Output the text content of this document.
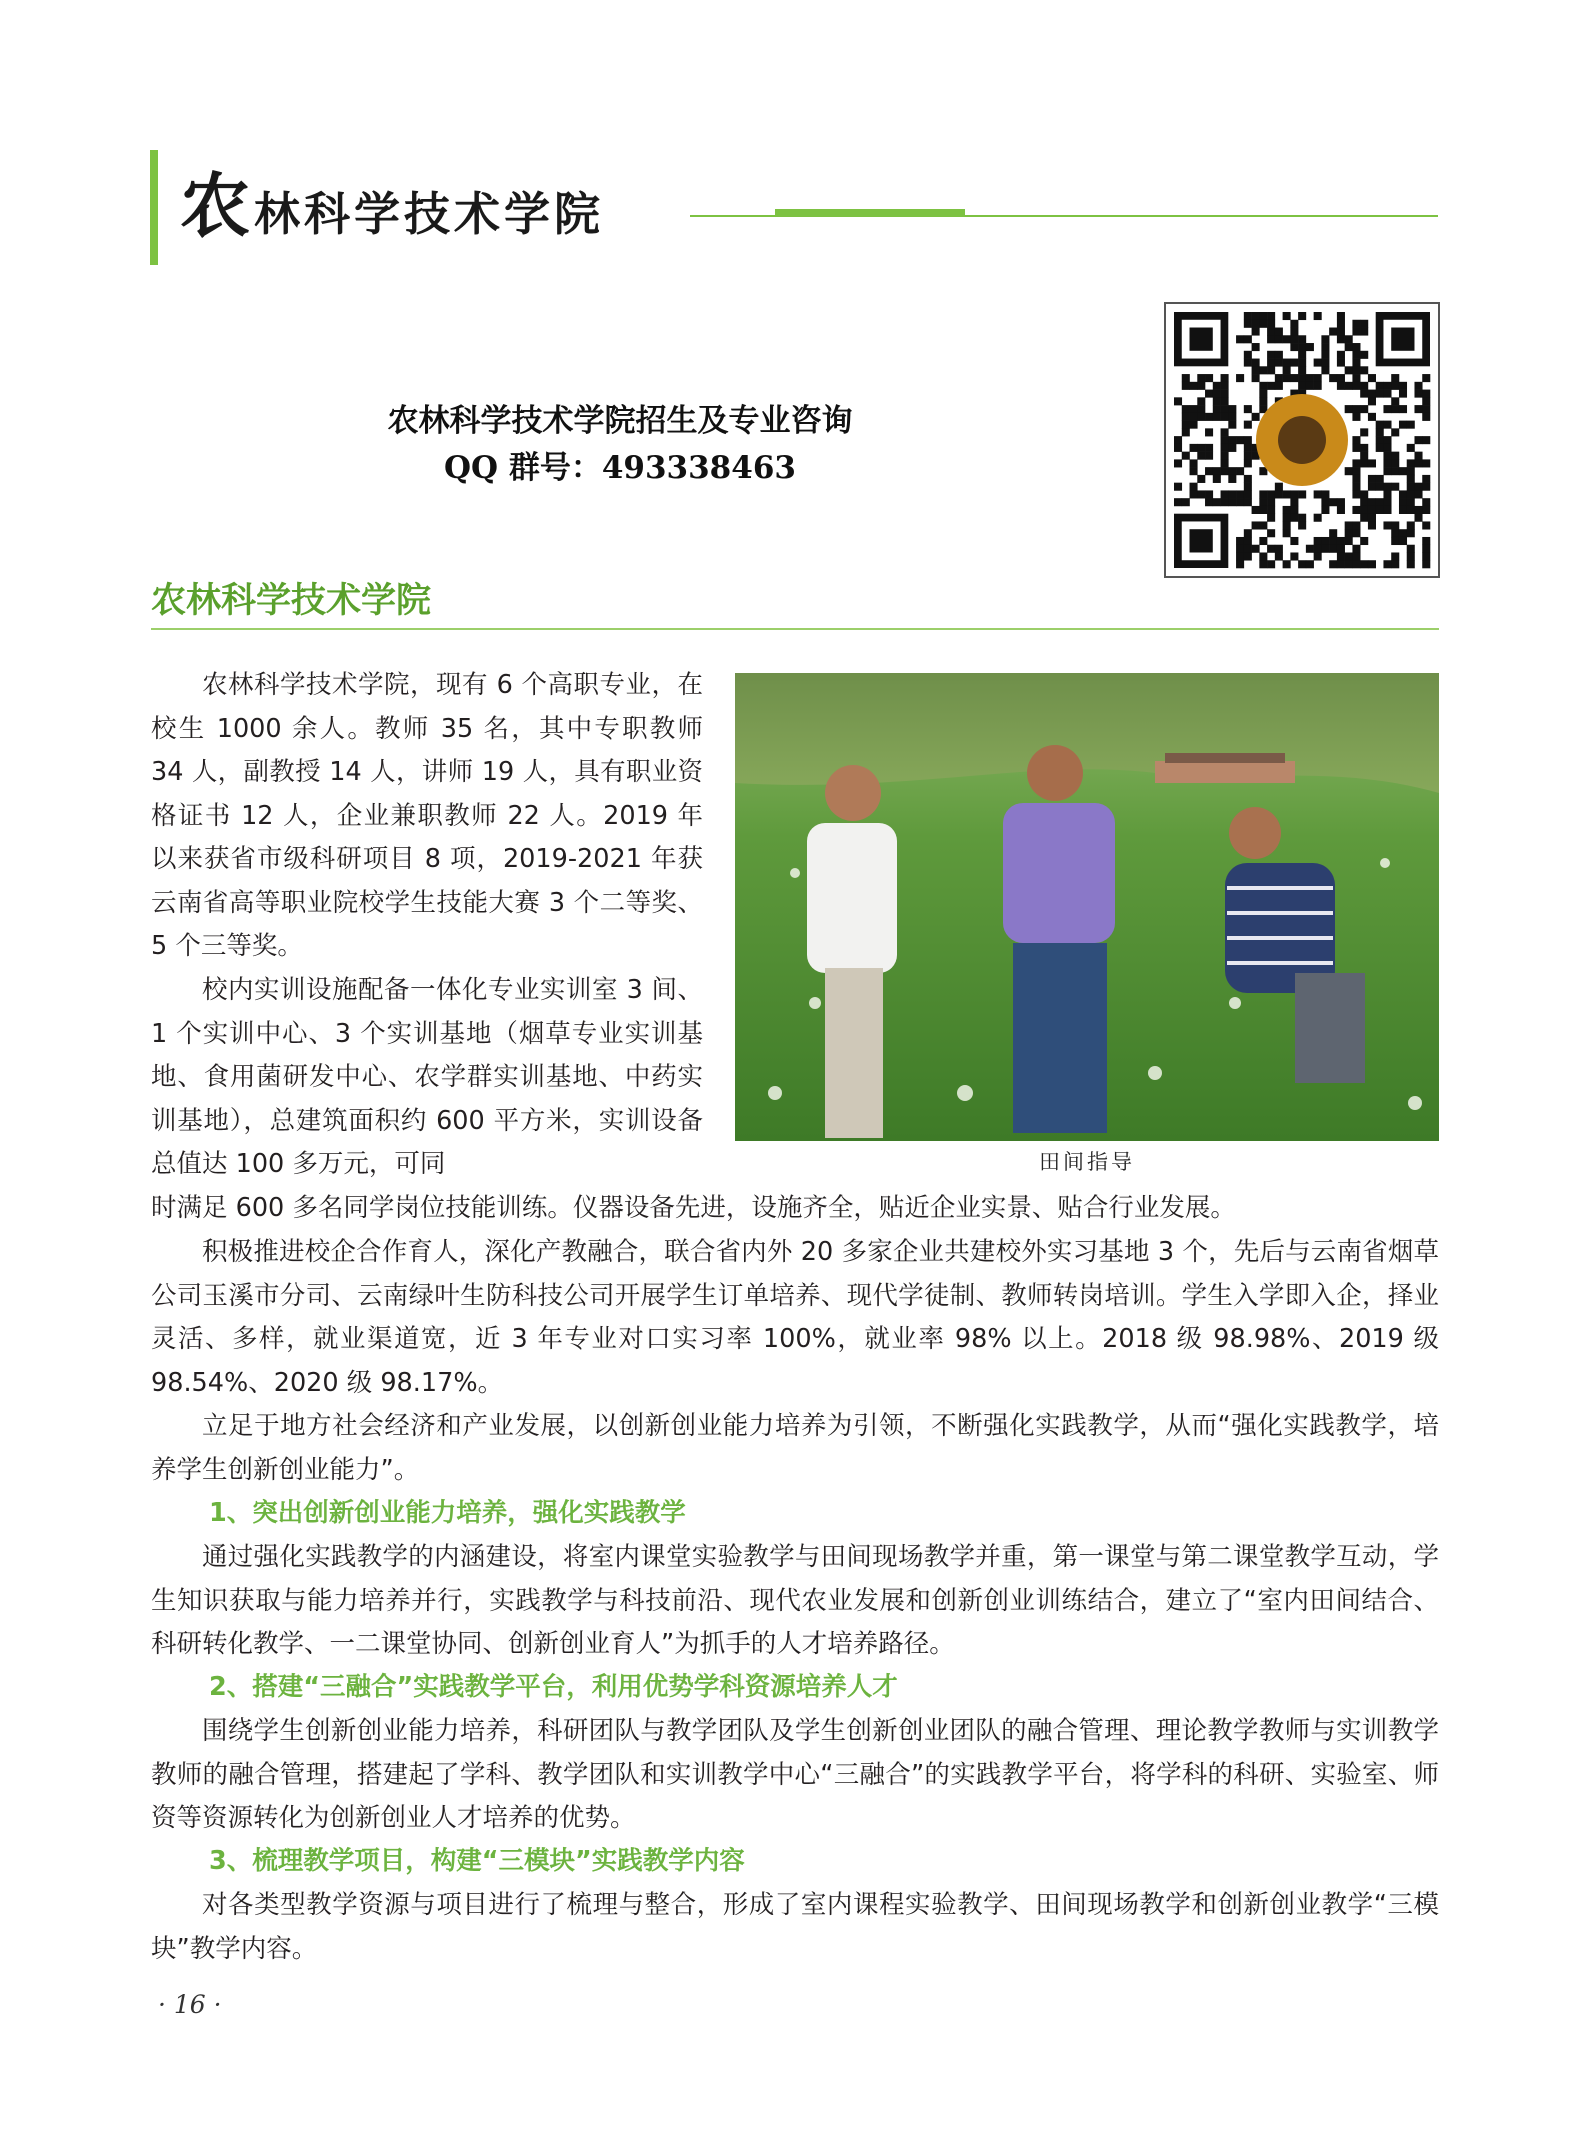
农林科学技术学院
农林科学技术学院招生及专业咨询
QQ 群号：493338463
农林科学技术学院
田间指导

农林科学技术学院，现有 6 个高职专业，在校生 1000 余人。教师 35 名，其中专职教师 34 人，副教授 14 人，讲师 19 人，具有职业资格证书 12 人，企业兼职教师 22 人。2019 年以来获省市级科研项目 8 项，2019-2021 年获云南省高等职业院校学生技能大赛 3 个二等奖、5 个三等奖。

校内实训设施配备一体化专业实训室 3 间、1 个实训中心、3 个实训基地（烟草专业实训基地、食用菌研发中心、农学群实训基地、中药实训基地），总建筑面积约 600 平方米，实训设备总值达 100 多万元，可同

时满足 600 多名同学岗位技能训练。仪器设备先进，设施齐全，贴近企业实景、贴合行业发展。

积极推进校企合作育人，深化产教融合，联合省内外 20 多家企业共建校外实习基地 3 个，先后与云南省烟草公司玉溪市分司、云南绿叶生防科技公司开展学生订单培养、现代学徒制、教师转岗培训。学生入学即入企，择业灵活、多样，就业渠道宽，近 3 年专业对口实习率 100%，就业率 98% 以上。2018 级 98.98%、2019 级 98.54%、2020 级 98.17%。

立足于地方社会经济和产业发展，以创新创业能力培养为引领，不断强化实践教学，从而“强化实践教学，培养学生创新创业能力”。

1、突出创新创业能力培养，强化实践教学

通过强化实践教学的内涵建设，将室内课堂实验教学与田间现场教学并重，第一课堂与第二课堂教学互动，学生知识获取与能力培养并行，实践教学与科技前沿、现代农业发展和创新创业训练结合，建立了“室内田间结合、科研转化教学、一二课堂协同、创新创业育人”为抓手的人才培养路径。

2、搭建“三融合”实践教学平台，利用优势学科资源培养人才

围绕学生创新创业能力培养，科研团队与教学团队及学生创新创业团队的融合管理、理论教学教师与实训教学教师的融合管理，搭建起了学科、教学团队和实训教学中心“三融合”的实践教学平台，将学科的科研、实验室、师资等资源转化为创新创业人才培养的优势。

3、梳理教学项目，构建“三模块”实践教学内容

对各类型教学资源与项目进行了梳理与整合，形成了室内课程实验教学、田间现场教学和创新创业教学“三模块”教学内容。

· 16 ·
